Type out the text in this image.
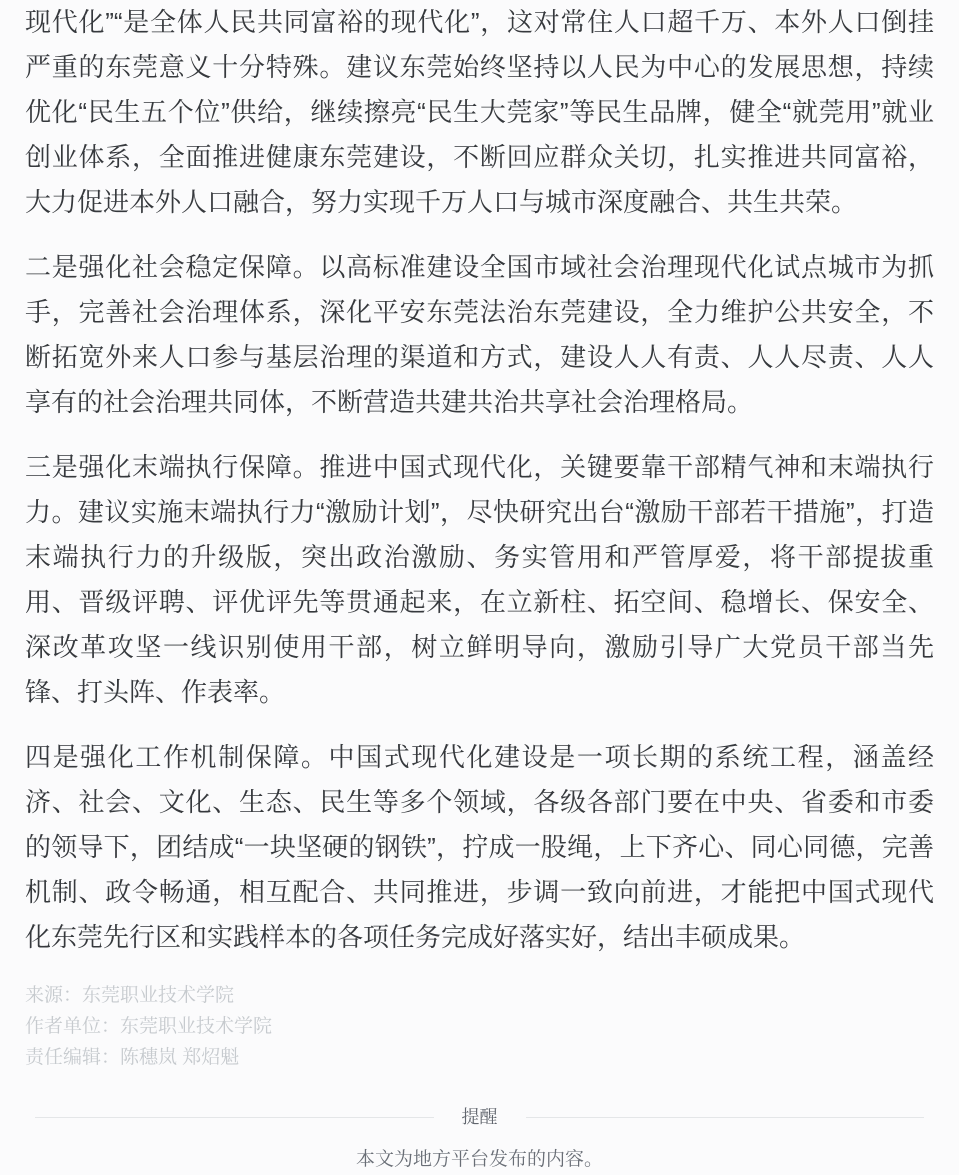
现代化”“是全体人民共同富裕的现代化”，这对常住人口超千万、本外人口倒挂严重的东莞意义十分特殊。建议东莞始终坚持以人民为中心的发展思想，持续优化“民生五个位”供给，继续擦亮“民生大莞家”等民生品牌，健全“就莞用”就业创业体系，全面推进健康东莞建设，不断回应群众关切，扎实推进共同富裕，大力促进本外人口融合，努力实现千万人口与城市深度融合、共生共荣。

二是强化社会稳定保障。以高标准建设全国市域社会治理现代化试点城市为抓手，完善社会治理体系，深化平安东莞法治东莞建设，全力维护公共安全，不断拓宽外来人口参与基层治理的渠道和方式，建设人人有责、人人尽责、人人享有的社会治理共同体，不断营造共建共治共享社会治理格局。

三是强化末端执行保障。推进中国式现代化，关键要靠干部精气神和末端执行力。建议实施末端执行力“激励计划”，尽快研究出台“激励干部若干措施”，打造末端执行力的升级版，突出政治激励、务实管用和严管厚爱，将干部提拔重用、晋级评聘、评优评先等贯通起来，在立新柱、拓空间、稳增长、保安全、深改革攻坚一线识别使用干部，树立鲜明导向，激励引导广大党员干部当先锋、打头阵、作表率。

四是强化工作机制保障。中国式现代化建设是一项长期的系统工程，涵盖经济、社会、文化、生态、民生等多个领域，各级各部门要在中央、省委和市委的领导下，团结成“一块坚硬的钢铁”，拧成一股绳，上下齐心、同心同德，完善机制、政令畅通，相互配合、共同推进，步调一致向前进，才能把中国式现代化东莞先行区和实践样本的各项任务完成好落实好，结出丰硕成果。

来源：东莞职业技术学院

作者单位：东莞职业技术学院

责任编辑：陈穗岚 郑炤魁

提醒

本文为地方平台发布的内容。
